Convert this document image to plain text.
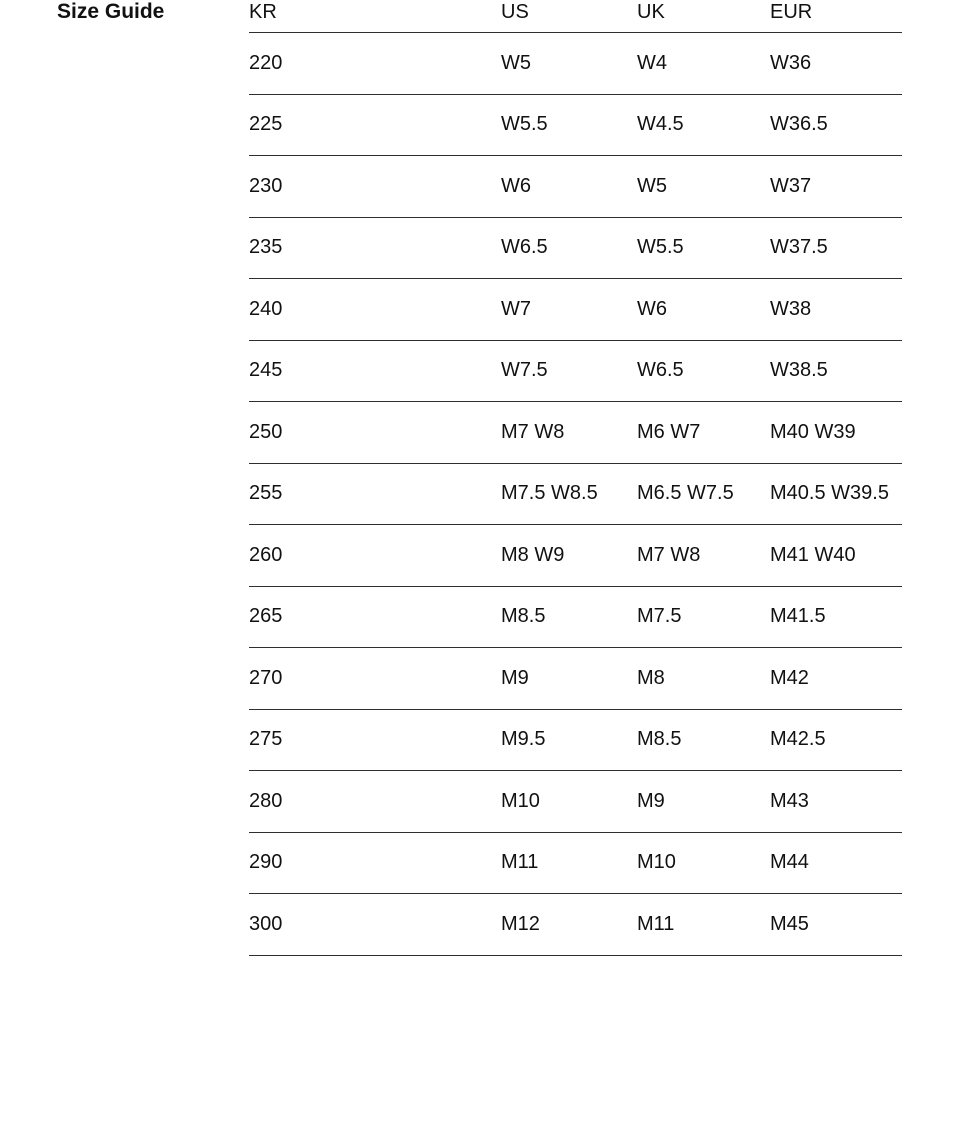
Size Guide	KR	US	UK	EUR
220	W5	W4	W36
225	W5.5	W4.5	W36.5
230	W6	W5	W37
235	W6.5	W5.5	W37.5
240	W7	W6	W38
245	W7.5	W6.5	W38.5
250	M7 W8	M6 W7	M40 W39
255	M7.5 W8.5	M6.5 W7.5	M40.5 W39.5
260	M8 W9	M7 W8	M41 W40
265	M8.5	M7.5	M41.5
270	M9	M8	M42
275	M9.5	M8.5	M42.5
280	M10	M9	M43
290	M11	M10	M44
300	M12	M11	M45
